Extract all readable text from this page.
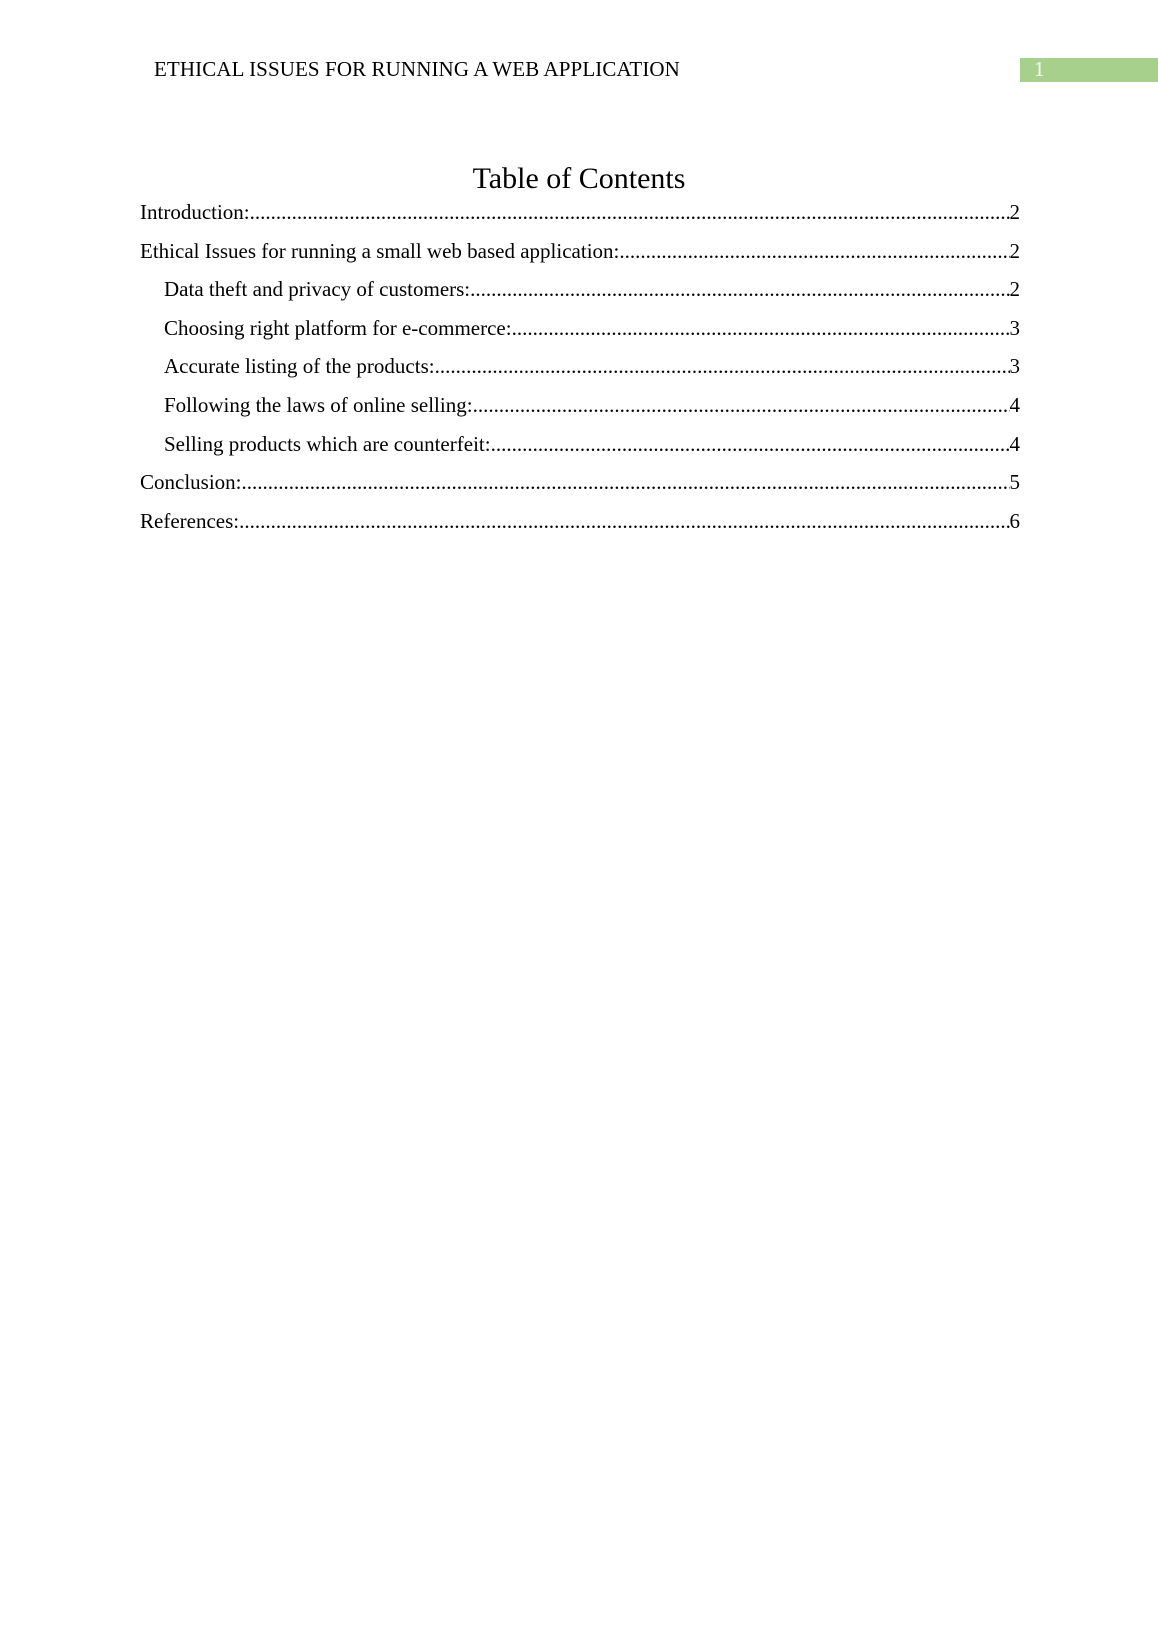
ETHICAL ISSUES FOR RUNNING A WEB APPLICATION	1
Table of Contents
Introduction: .....	2
Ethical Issues for running a small web based application: .....	2
Data theft and privacy of customers: .....	2
Choosing right platform for e-commerce: .....	3
Accurate listing of the products: .....	3
Following the laws of online selling: .....	4
Selling products which are counterfeit: .....	4
Conclusion: .....	5
References: .....	6
